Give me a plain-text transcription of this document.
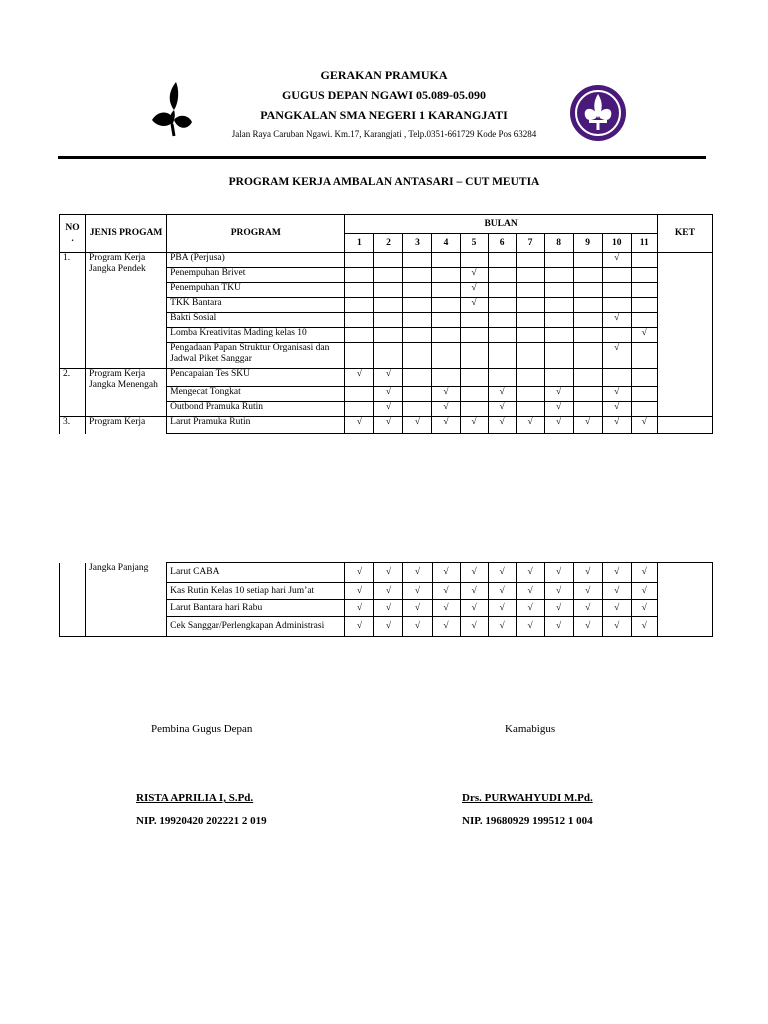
GERAKAN PRAMUKA
GUGUS DEPAN NGAWI 05.089-05.090
PANGKALAN SMA NEGERI 1 KARANGJATI
Jalan Raya Caruban Ngawi. Km.17, Karangjati , Telp.0351-661729 Kode Pos 63284
PROGRAM KERJA AMBALAN ANTASARI – CUT MEUTIA
NO
.	JENIS PROGAM	PROGRAM	BULAN											KET
			1	2	3	4	5	6	7	8	9	10	11	
1.	Program Kerja Jangka Pendek	PBA (Perjusa)										√		
		Penempuhan Brivet					√							
		Penempuhan TKU					√							
		TKK Bantara					√							
		Bakti Sosial										√		
		Lomba Kreativitas Mading kelas 10											√	
		Pengadaan Papan Struktur Organisasi dan Jadwal Piket Sanggar										√		
2.	Program Kerja Jangka Menengah	Pencapaian Tes SKU	√	√										
		Mengecat Tongkat		√		√		√		√		√		
		Outbond Pramuka Rutin		√		√		√		√		√		
3.	Program Kerja	Larut Pramuka Rutin	√	√	√	√	√	√	√	√	√	√	√	
	Jangka Panjang	Larut CABA	√	√	√	√	√	√	√	√	√	√	√	
		Kas Rutin Kelas 10 setiap hari Jum’at	√	√	√	√	√	√	√	√	√	√	√	
		Larut Bantara hari Rabu	√	√	√	√	√	√	√	√	√	√	√	
		Cek Sanggar/Perlengkapan Administrasi	√	√	√	√	√	√	√	√	√	√	√	
Pembina Gugus Depan	Kamabigus
RISTA APRILIA I, S.Pd.	Drs. PURWAHYUDI M.Pd.
NIP. 19920420 202221 2 019	NIP. 19680929 199512 1 004
